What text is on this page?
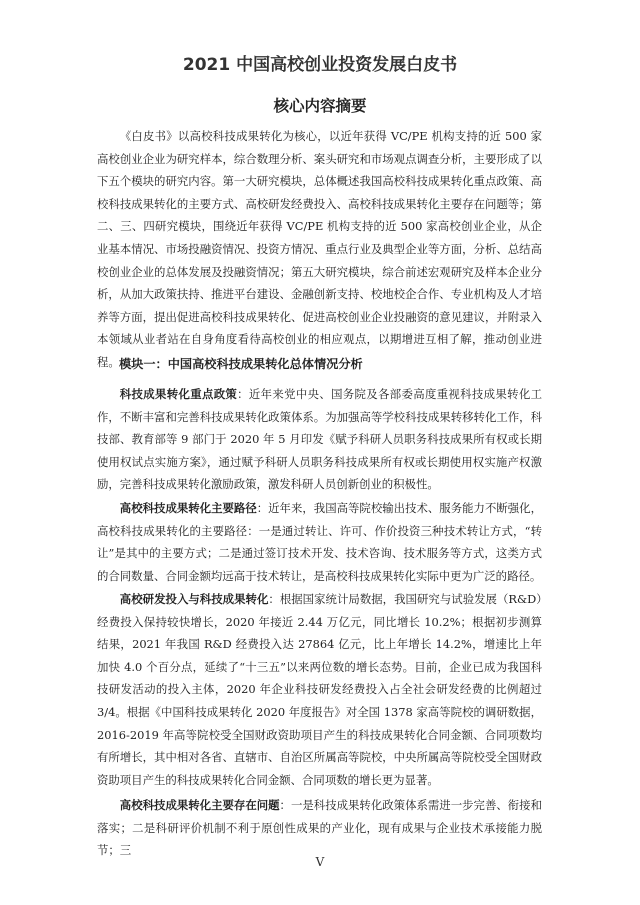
2021 中国高校创业投资发展白皮书
核心内容摘要

《白皮书》以高校科技成果转化为核心，以近年获得 VC/PE 机构支持的近 500 家高校创业企业为研究样本，综合数理分析、案头研究和市场观点调查分析，主要形成了以下五个模块的研究内容。第一大研究模块，总体概述我国高校科技成果转化重点政策、高校科技成果转化的主要方式、高校研发经费投入、高校科技成果转化主要存在问题等；第二、三、四研究模块，围绕近年获得 VC/PE 机构支持的近 500 家高校创业企业，从企业基本情况、市场投融资情况、投资方情况、重点行业及典型企业等方面，分析、总结高校创业企业的总体发展及投融资情况；第五大研究模块，综合前述宏观研究及样本企业分析，从加大政策扶持、推进平台建设、金融创新支持、校地校企合作、专业机构及人才培养等方面，提出促进高校科技成果转化、促进高校创业企业投融资的意见建议，并附录入本领域从业者站在自身角度看待高校创业的相应观点，以期增进互相了解，推动创业进程。 模块一：中国高校科技成果转化总体情况分析

科技成果转化重点政策：近年来党中央、国务院及各部委高度重视科技成果转化工作，不断丰富和完善科技成果转化政策体系。为加强高等学校科技成果转移转化工作，科技部、教育部等 9 部门于 2020 年 5 月印发《赋予科研人员职务科技成果所有权或长期使用权试点实施方案》，通过赋予科研人员职务科技成果所有权或长期使用权实施产权激励，完善科技成果转化激励政策，激发科研人员创新创业的积极性。

高校科技成果转化主要路径：近年来，我国高等院校输出技术、服务能力不断强化，高校科技成果转化的主要路径：一是通过转让、许可、作价投资三种技术转让方式，“转让”是其中的主要方式；二是通过签订技术开发、技术咨询、技术服务等方式，这类方式的合同数量、合同金额均远高于技术转让，是高校科技成果转化实际中更为广泛的路径。

高校研发投入与科技成果转化：根据国家统计局数据，我国研究与试验发展（R&D）经费投入保持较快增长，2020 年接近 2.44 万亿元，同比增长 10.2%；根据初步测算结果，2021 年我国 R&D 经费投入达 27864 亿元，比上年增长 14.2%，增速比上年加快 4.0 个百分点，延续了“十三五”以来两位数的增长态势。目前，企业已成为我国科技研发活动的投入主体，2020 年企业科技研发经费投入占全社会研发经费的比例超过 3/4。根据《中国科技成果转化 2020 年度报告》对全国 1378 家高等院校的调研数据，2016-2019 年高等院校受全国财政资助项目产生的科技成果转化合同金额、合同项数均有所增长，其中相对各省、直辖市、自治区所属高等院校，中央所属高等院校受全国财政资助项目产生的科技成果转化合同金额、合同项数的增长更为显著。

高校科技成果转化主要存在问题：一是科技成果转化政策体系需进一步完善、衔接和落实；二是科研评价机制不利于原创性成果的产业化，现有成果与企业技术承接能力脱节；三

V
